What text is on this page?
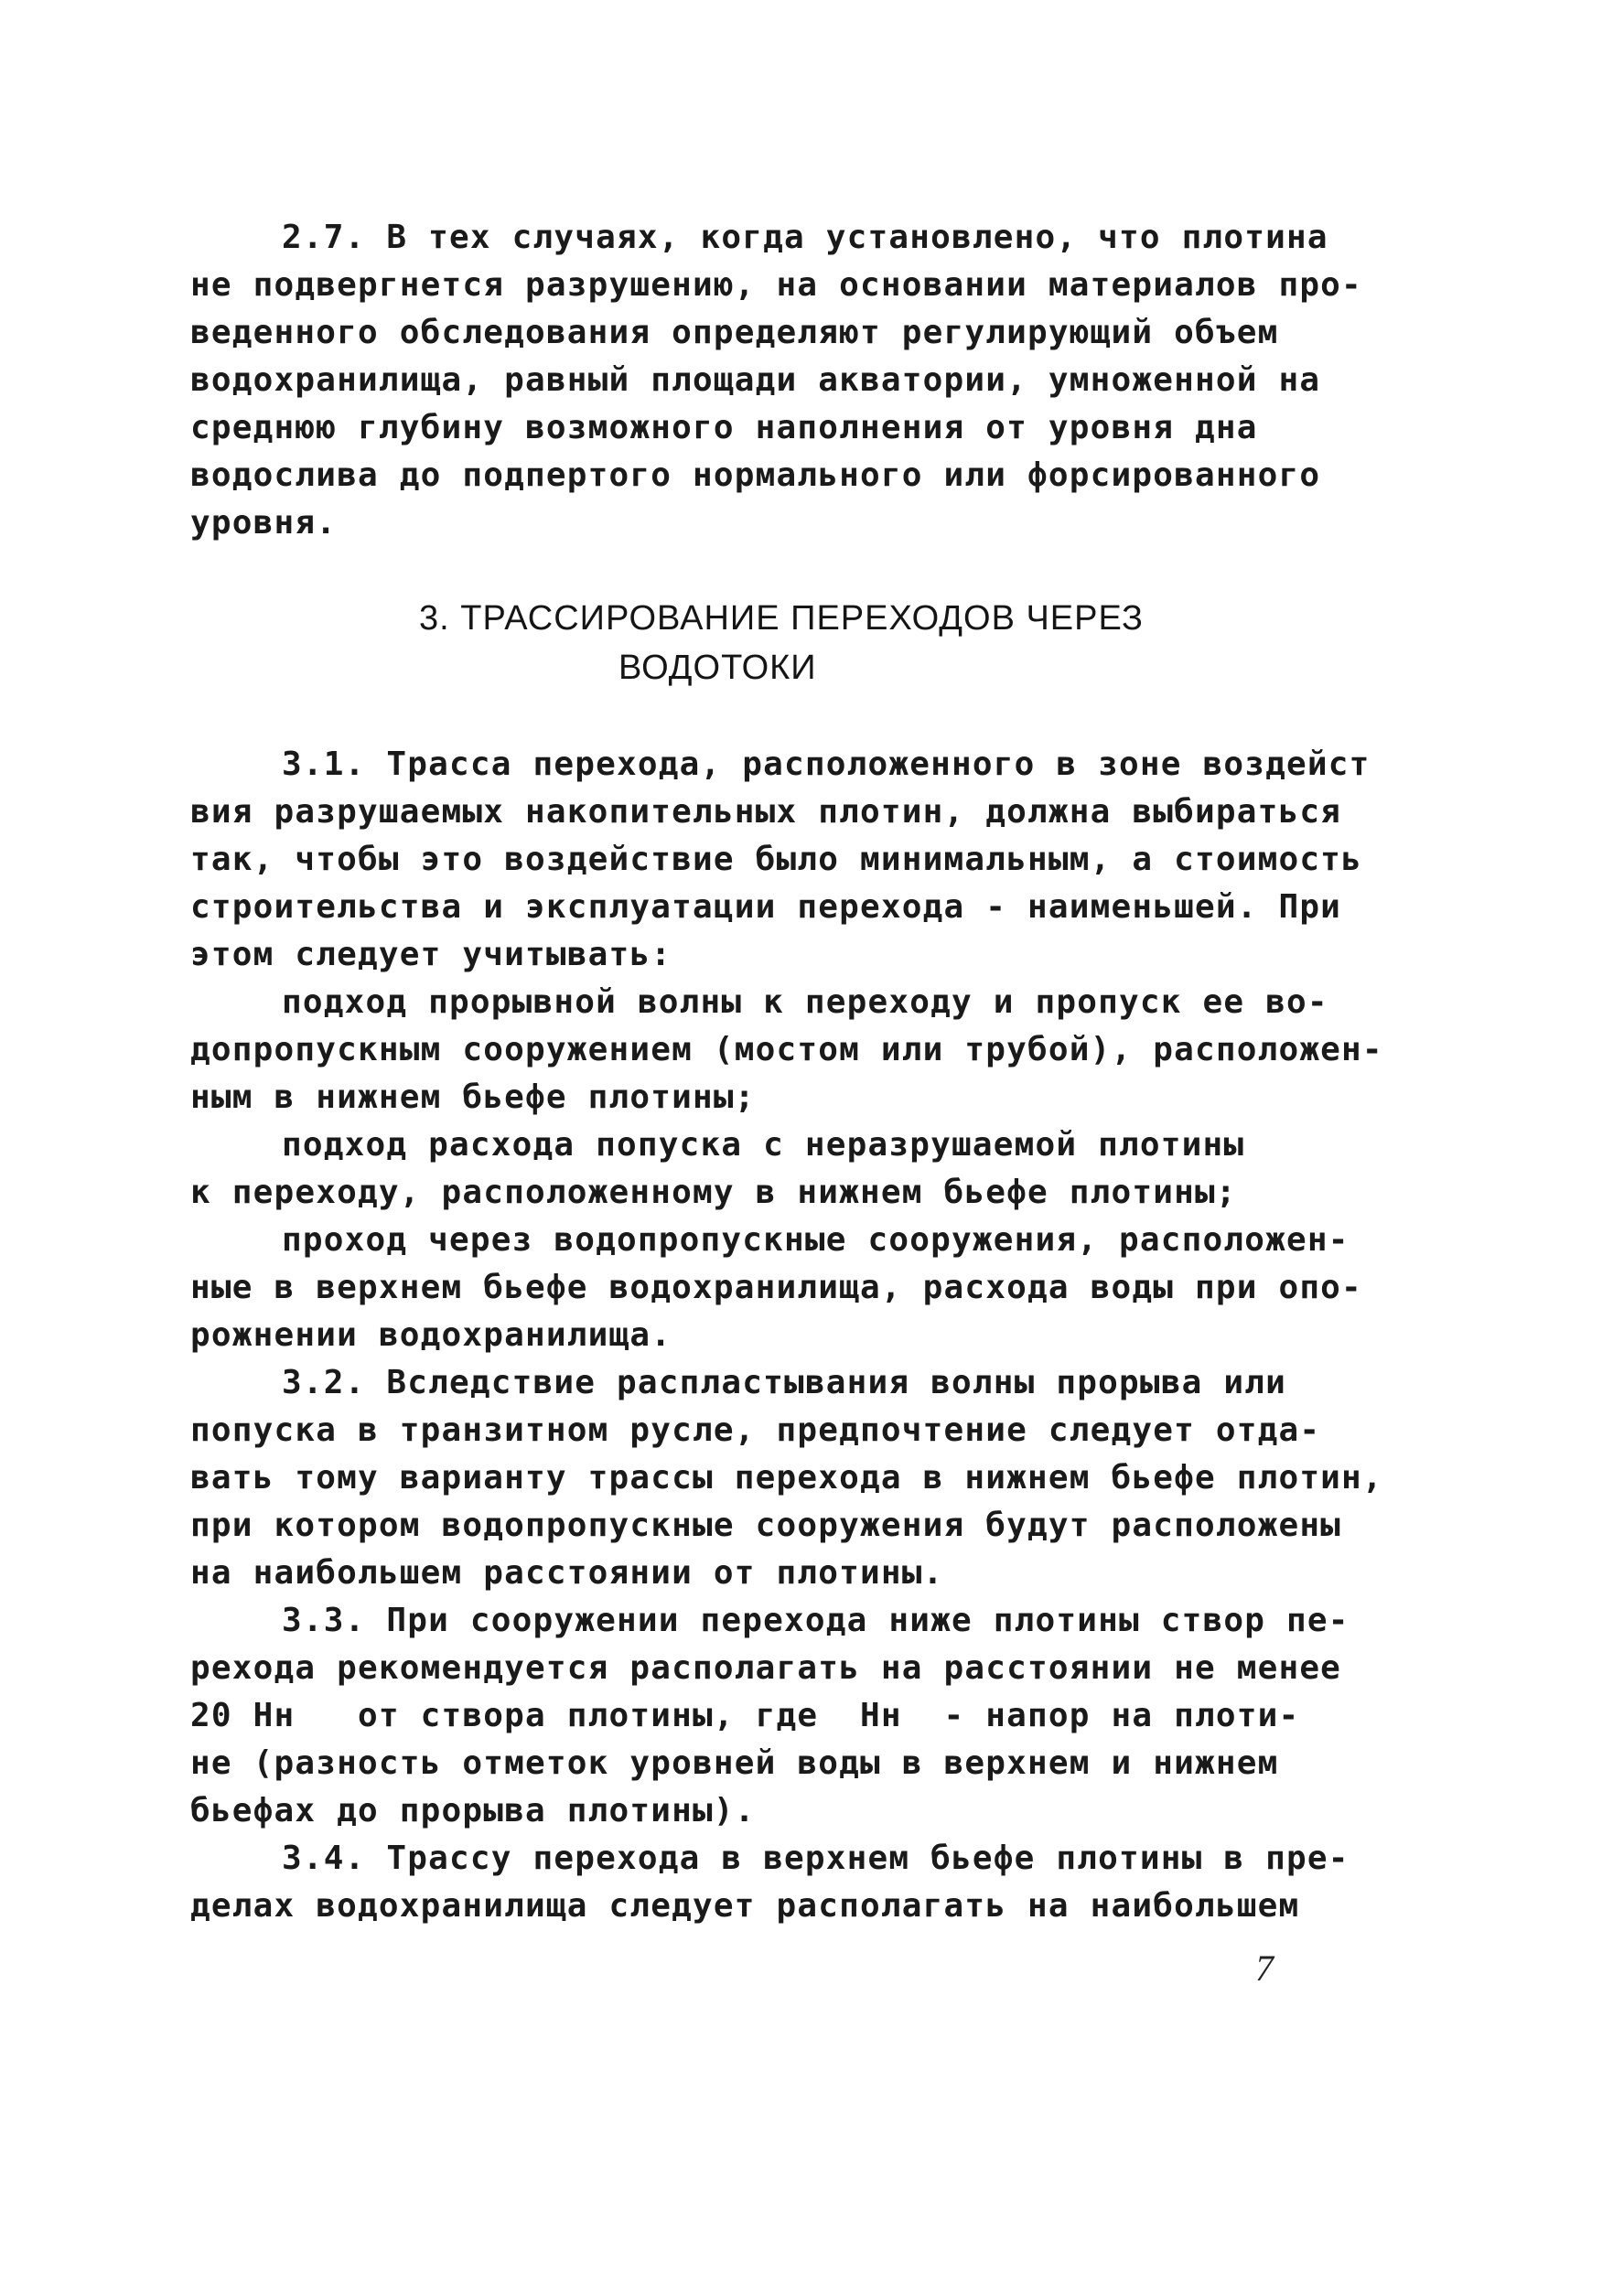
2.7. В тех случаях, когда установлено, что плотина
не подвергнется разрушению, на основании материалов про-
веденного обследования определяют регулирующий объем
водохранилища, равный площади акватории, умноженной на
среднюю глубину возможного наполнения от уровня дна
водослива до подпертого нормального или форсированного
уровня.
3. ТРАССИРОВАНИЕ ПЕРЕХОДОВ ЧЕРЕЗ
ВОДОТОКИ
3.1. Трасса перехода, расположенного в зоне воздейст
вия разрушаемых накопительных плотин, должна выбираться
так, чтобы это воздействие было минимальным, а стоимость
строительства и эксплуатации перехода - наименьшей. При
этом следует учитывать:
подход прорывной волны к переходу и пропуск ее во-
допропускным сооружением (мостом или трубой), расположен-
ным в нижнем бьефе плотины;
подход расхода попуска с неразрушаемой плотины
к переходу, расположенному в нижнем бьефе плотины;
проход через водопропускные сооружения, расположен-
ные в верхнем бьефе водохранилища, расхода воды при опо-
рожнении водохранилища.
3.2. Вследствие распластывания волны прорыва или
попуска в транзитном русле, предпочтение следует отда-
вать тому варианту трассы перехода в нижнем бьефе плотин,
при котором водопропускные сооружения будут расположены
на наибольшем расстоянии от плотины.
3.3. При сооружении перехода ниже плотины створ пе-
рехода рекомендуется располагать на расстоянии не менее
20 Hн   от створа плотины, где  Hн  - напор на плоти-
не (разность отметок уровней воды в верхнем и нижнем
бьефах до прорыва плотины).
3.4. Трассу перехода в верхнем бьефе плотины в пре-
делах водохранилища следует располагать на наибольшем
7
